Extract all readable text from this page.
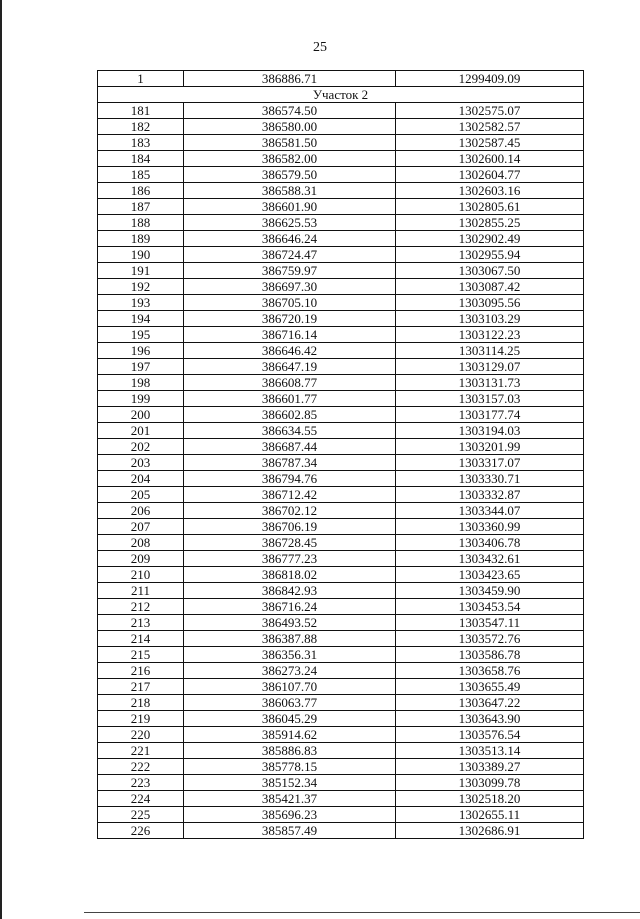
25
1	386886.71	1299409.09
Участок 2		
181	386574.50	1302575.07
182	386580.00	1302582.57
183	386581.50	1302587.45
184	386582.00	1302600.14
185	386579.50	1302604.77
186	386588.31	1302603.16
187	386601.90	1302805.61
188	386625.53	1302855.25
189	386646.24	1302902.49
190	386724.47	1302955.94
191	386759.97	1303067.50
192	386697.30	1303087.42
193	386705.10	1303095.56
194	386720.19	1303103.29
195	386716.14	1303122.23
196	386646.42	1303114.25
197	386647.19	1303129.07
198	386608.77	1303131.73
199	386601.77	1303157.03
200	386602.85	1303177.74
201	386634.55	1303194.03
202	386687.44	1303201.99
203	386787.34	1303317.07
204	386794.76	1303330.71
205	386712.42	1303332.87
206	386702.12	1303344.07
207	386706.19	1303360.99
208	386728.45	1303406.78
209	386777.23	1303432.61
210	386818.02	1303423.65
211	386842.93	1303459.90
212	386716.24	1303453.54
213	386493.52	1303547.11
214	386387.88	1303572.76
215	386356.31	1303586.78
216	386273.24	1303658.76
217	386107.70	1303655.49
218	386063.77	1303647.22
219	386045.29	1303643.90
220	385914.62	1303576.54
221	385886.83	1303513.14
222	385778.15	1303389.27
223	385152.34	1303099.78
224	385421.37	1302518.20
225	385696.23	1302655.11
226	385857.49	1302686.91
